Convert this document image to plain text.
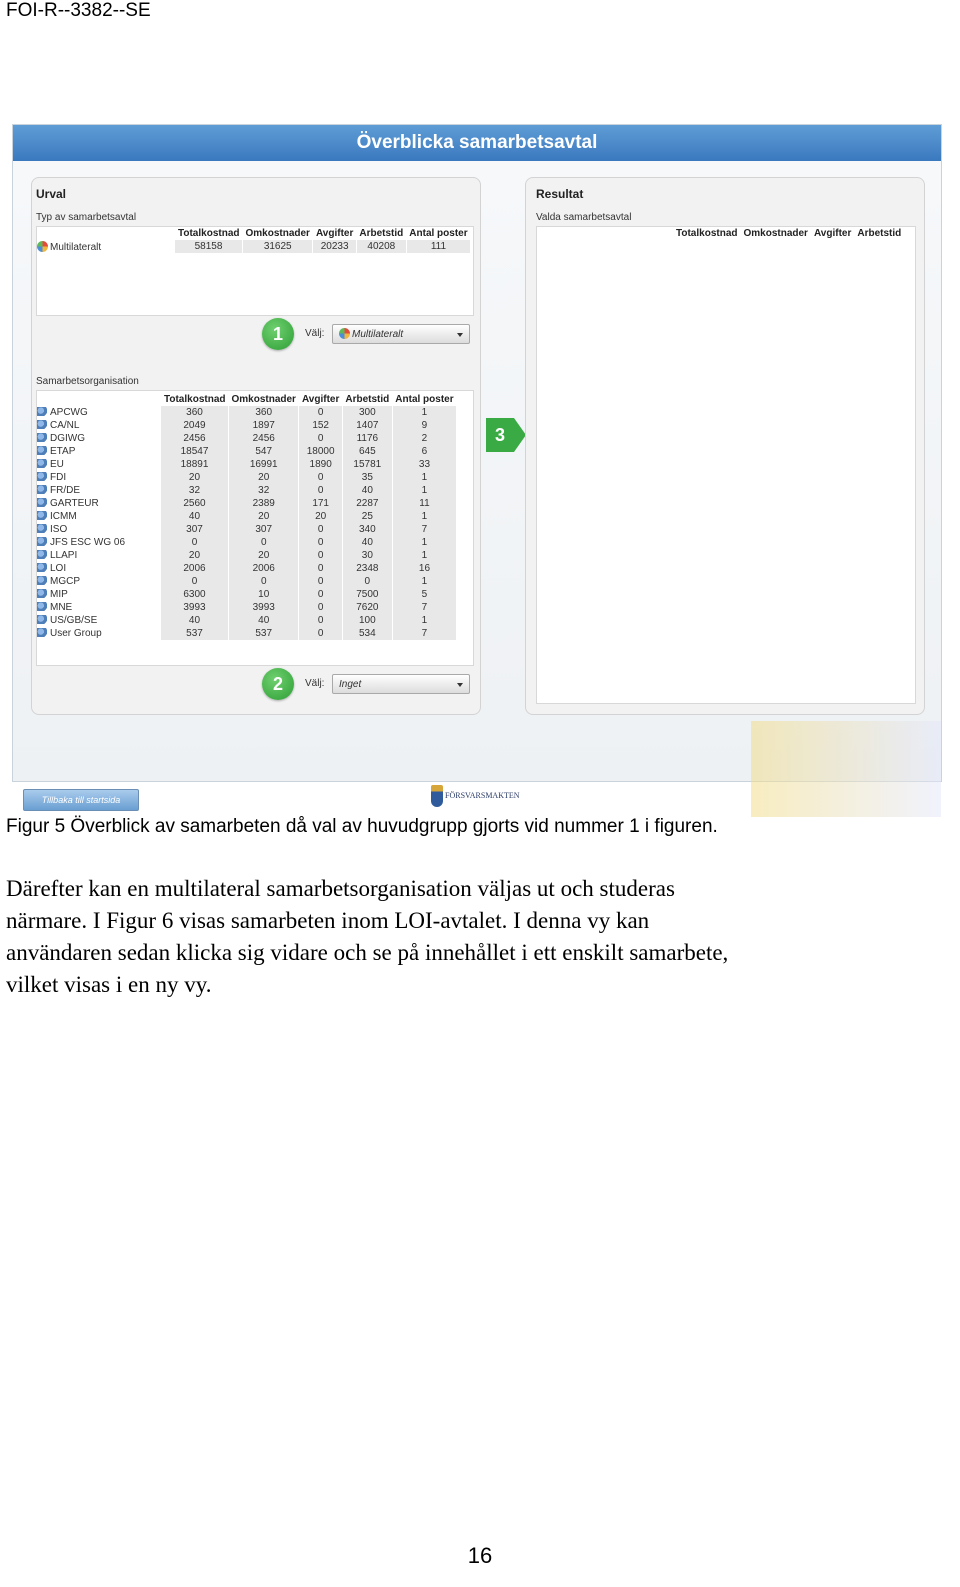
FOI-R--3382--SE
Överblicka samarbetsavtal
Urval
Typ av samarbetsavtal
	Totalkostnad	Omkostnader	Avgifter	Arbetstid	Antal poster
Multilateralt	58158	31625	20233	40208	111
1	Välj:	Multilateralt
Samarbetsorganisation
	Totalkostnad	Omkostnader	Avgifter	Arbetstid	Antal poster
APCWG	360	360	0	300	1
CA/NL	2049	1897	152	1407	9
DGIWG	2456	2456	0	1176	2
ETAP	18547	547	18000	645	6
EU	18891	16991	1890	15781	33
FDI	20	20	0	35	1
FR/DE	32	32	0	40	1
GARTEUR	2560	2389	171	2287	11
ICMM	40	20	20	25	1
ISO	307	307	0	340	7
JFS ESC WG 06	0	0	0	40	1
LLAPI	20	20	0	30	1
LOI	2006	2006	0	2348	16
MGCP	0	0	0	0	1
MIP	6300	10	0	7500	5
MNE	3993	3993	0	7620	7
US/GB/SE	40	40	0	100	1
User Group	537	537	0	534	7
2	Välj:	Inget
3
Resultat
Valda samarbetsavtal
Totalkostnad	Omkostnader	Avgifter	Arbetstid
Tillbaka till startsida	FÖRSVARSMAKTEN
Figur 5 Överblick av samarbeten då val av huvudgrupp gjorts vid nummer 1 i figuren.

Därefter kan en multilateral samarbetsorganisation väljas ut och studeras

närmare. I Figur 6 visas samarbeten inom LOI-avtalet. I denna vy kan

användaren sedan klicka sig vidare och se på innehållet i ett enskilt samarbete,

vilket visas i en ny vy.

16
